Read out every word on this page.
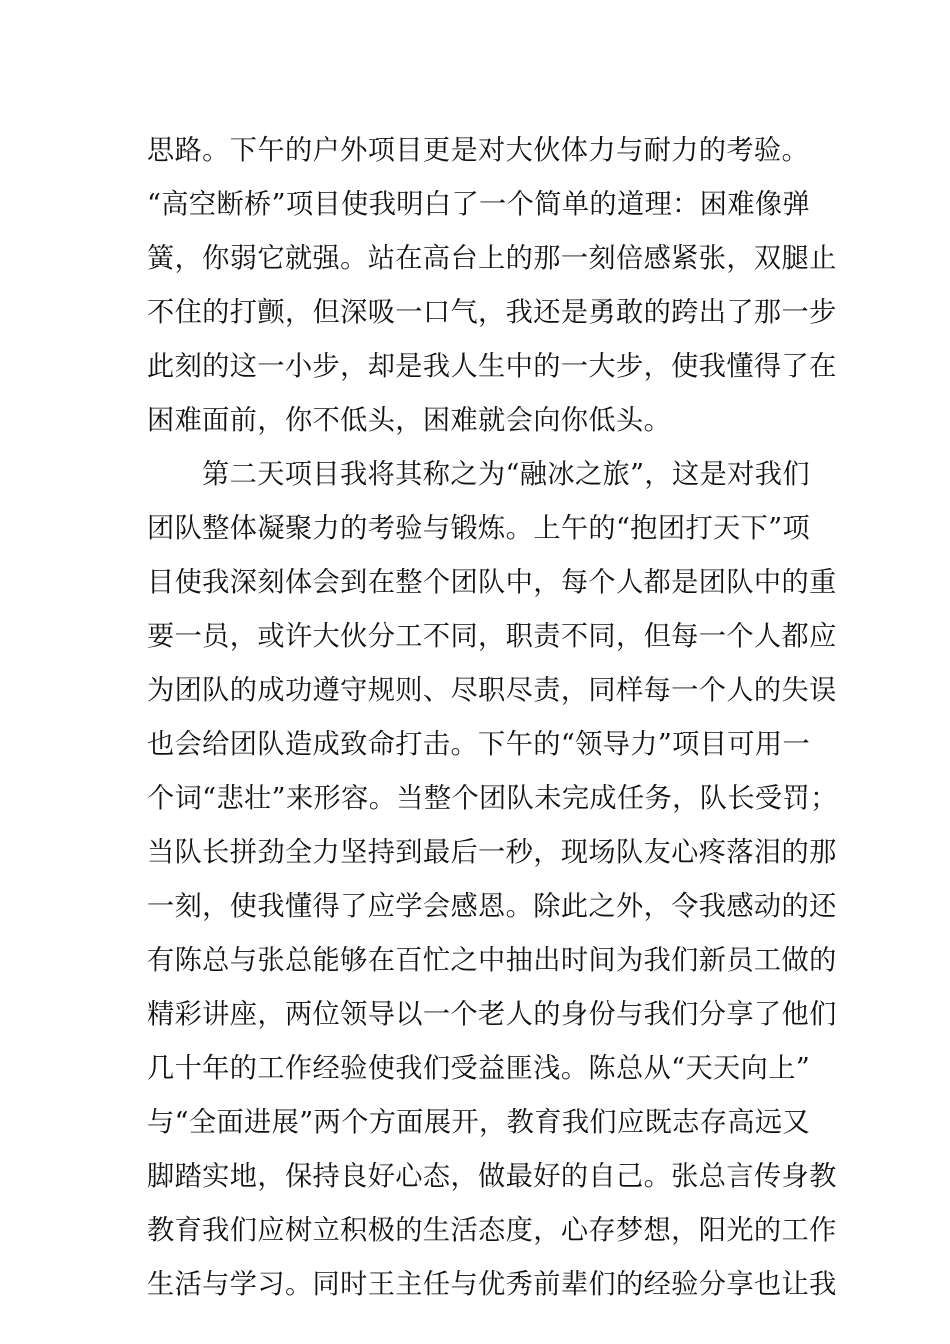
思路。下午的户外项目更是对大伙体力与耐力的考验。
“高空断桥”项目使我明白了一个简单的道理：困难像弹
簧，你弱它就强。站在高台上的那一刻倍感紧张，双腿止
不住的打颤，但深吸一口气，我还是勇敢的跨出了那一步
此刻的这一小步，却是我人生中的一大步，使我懂得了在
困难面前，你不低头，困难就会向你低头。
第二天项目我将其称之为“融冰之旅”，这是对我们
团队整体凝聚力的考验与锻炼。上午的“抱团打天下”项
目使我深刻体会到在整个团队中，每个人都是团队中的重
要一员，或许大伙分工不同，职责不同，但每一个人都应
为团队的成功遵守规则、尽职尽责，同样每一个人的失误
也会给团队造成致命打击。下午的“领导力”项目可用一
个词“悲壮”来形容。当整个团队未完成任务，队长受罚；
当队长拼劲全力坚持到最后一秒，现场队友心疼落泪的那
一刻，使我懂得了应学会感恩。除此之外，令我感动的还
有陈总与张总能够在百忙之中抽出时间为我们新员工做的
精彩讲座，两位领导以一个老人的身份与我们分享了他们
几十年的工作经验使我们受益匪浅。陈总从“天天向上”
与“全面进展”两个方面展开，教育我们应既志存高远又
脚踏实地，保持良好心态，做最好的自己。张总言传身教
教育我们应树立积极的生活态度，心存梦想，阳光的工作
生活与学习。同时王主任与优秀前辈们的经验分享也让我
